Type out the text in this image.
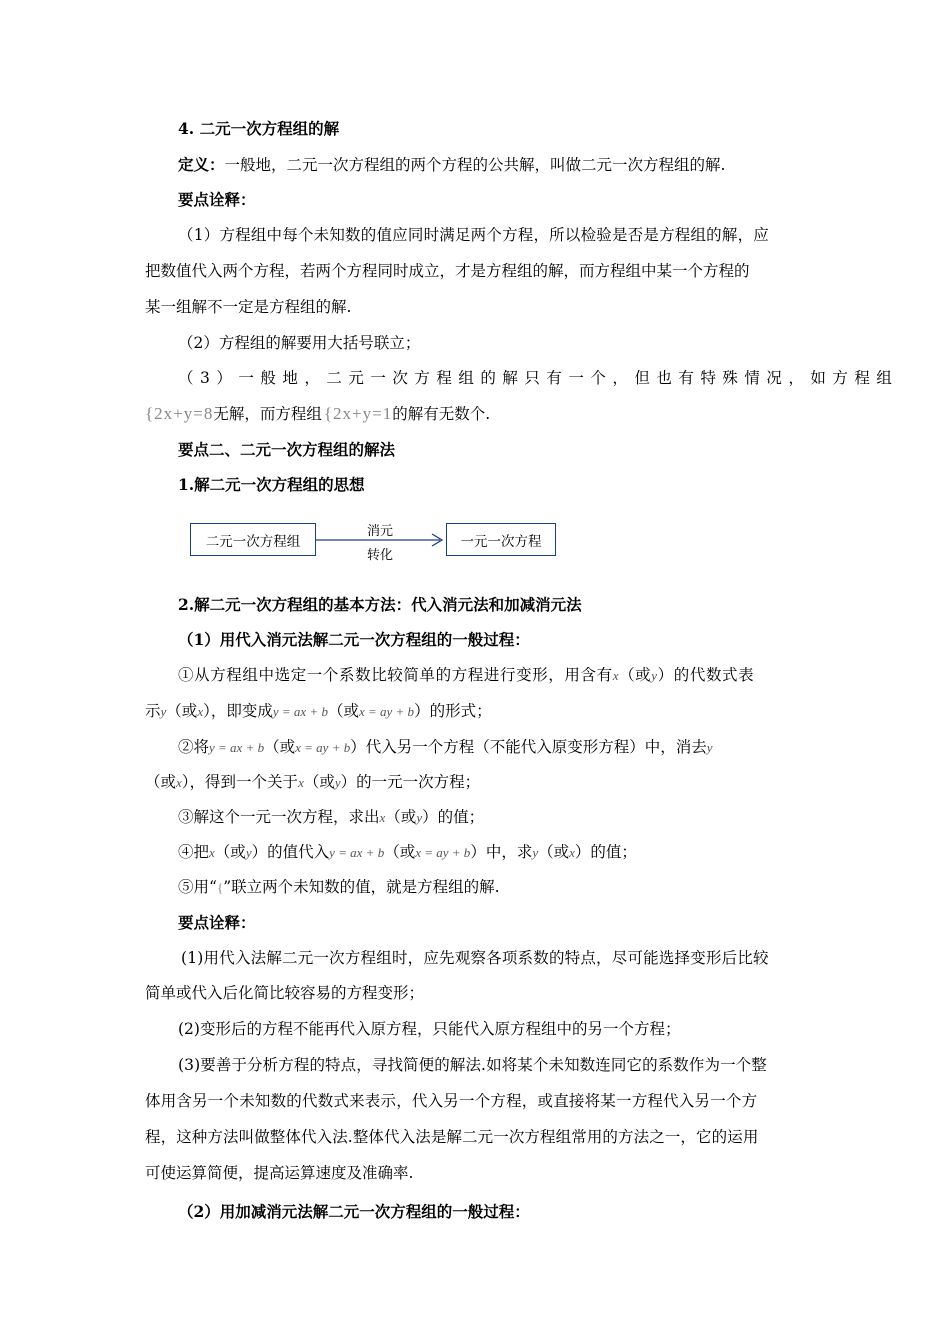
4. 二元一次方程组的解
定义：一般地，二元一次方程组的两个方程的公共解，叫做二元一次方程组的解.
要点诠释：
（1）方程组中每个未知数的值应同时满足两个方程，所以检验是否是方程组的解，应
把数值代入两个方程，若两个方程同时成立，才是方程组的解，而方程组中某一个方程的
某一组解不一定是方程组的解.
（2）方程组的解要用大括号联立；
（3）一般地，二元一次方程组的解只有一个，但也有特殊情况，如方程组
{2x+y=8无解，而方程组 {2x+y=1的解有无数个.
要点二、二元一次方程组的解法
1.解二元一次方程组的思想
二元一次方程组
消元
转化
一元一次方程
2.解二元一次方程组的基本方法：代入消元法和加减消元法
（1）用代入消元法解二元一次方程组的一般过程：
①从方程组中选定一个系数比较简单的方程进行变形，用含有x（或y）的代数式表
示y（或x），即变成y = ax + b（或x = ay + b）的形式；
②将y = ax + b（或x = ay + b）代入另一个方程（不能代入原变形方程）中，消去y
（或x），得到一个关于x（或y）的一元一次方程；
③解这个一元一次方程，求出x（或y）的值；
④把x（或y）的值代入y = ax + b（或x = ay + b）中，求y（或x）的值；
⑤用“{”联立两个未知数的值，就是方程组的解.
要点诠释：
(1)用代入法解二元一次方程组时，应先观察各项系数的特点，尽可能选择变形后比较
简单或代入后化简比较容易的方程变形；
(2)变形后的方程不能再代入原方程，只能代入原方程组中的另一个方程；
(3)要善于分析方程的特点，寻找简便的解法.如将某个未知数连同它的系数作为一个整
体用含另一个未知数的代数式来表示，代入另一个方程，或直接将某一方程代入另一个方
程，这种方法叫做整体代入法.整体代入法是解二元一次方程组常用的方法之一，它的运用
可使运算简便，提高运算速度及准确率.
（2）用加减消元法解二元一次方程组的一般过程：
